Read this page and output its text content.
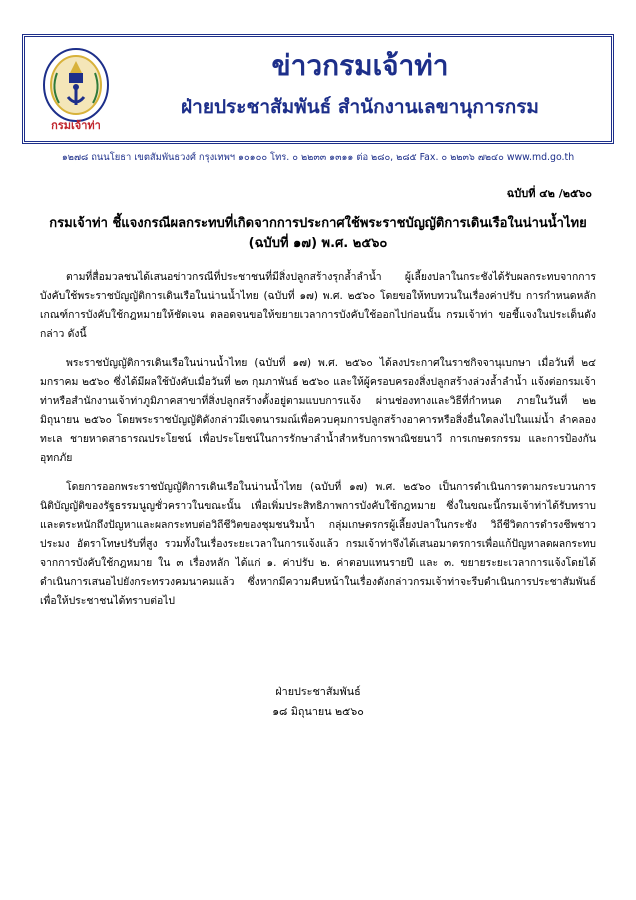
กรมเจ้าท่า
ข่าวกรมเจ้าท่า
ฝ่ายประชาสัมพันธ์ สำนักงานเลขานุการกรม
๑๒๗๘ ถนนโยธา เขตสัมพันธวงศ์ กรุงเทพฯ ๑๐๑๐๐ โทร. ๐ ๒๒๓๓ ๑๓๑๑ ต่อ ๒๘๐, ๒๘๕ Fax. ๐ ๒๒๓๖ ๗๒๔๐ www.md.go.th
ฉบับที่ ๔๒ /๒๕๖๐
กรมเจ้าท่า ชี้แจงกรณีผลกระทบที่เกิดจากการประกาศใช้พระราชบัญญัติการเดินเรือในน่านน้ำไทย
(ฉบับที่ ๑๗) พ.ศ. ๒๕๖๐

ตามที่สื่อมวลชนได้เสนอข่าวกรณีที่ประชาชนที่มีสิ่งปลูกสร้างรุกล้ำลำน้ำ ผู้เลี้ยงปลาในกระชังได้รับผลกระทบจากการบังคับใช้พระราชบัญญัติการเดินเรือในน่านน้ำไทย (ฉบับที่ ๑๗) พ.ศ. ๒๕๖๐ โดยขอให้ทบทวนในเรื่องค่าปรับ การกำหนดหลักเกณฑ์การบังคับใช้กฎหมายให้ชัดเจน ตลอดจนขอให้ขยายเวลาการบังคับใช้ออกไปก่อนนั้น กรมเจ้าท่า ขอชี้แจงในประเด็นดังกล่าว ดังนี้

พระราชบัญญัติการเดินเรือในน่านน้ำไทย (ฉบับที่ ๑๗) พ.ศ. ๒๕๖๐ ได้ลงประกาศในราชกิจจานุเบกษา เมื่อวันที่ ๒๔ มกราคม ๒๕๖๐ ซึ่งได้มีผลใช้บังคับเมื่อวันที่ ๒๓ กุมภาพันธ์ ๒๕๖๐ และให้ผู้ครอบครองสิ่งปลูกสร้างล่วงล้ำลำน้ำ แจ้งต่อกรมเจ้าท่าหรือสำนักงานเจ้าท่าภูมิภาคสาขาที่สิ่งปลูกสร้างตั้งอยู่ตามแบบการแจ้ง ผ่านช่องทางและวิธีที่กำหนด ภายในวันที่ ๒๒ มิถุนายน ๒๕๖๐ โดยพระราชบัญญัติดังกล่าวมีเจตนารมณ์เพื่อควบคุมการปลูกสร้างอาคารหรือสิ่งอื่นใดลงไปในแม่น้ำ ลำคลอง ทะเล ชายหาดสาธารณประโยชน์ เพื่อประโยชน์ในการรักษาลำน้ำสำหรับการพาณิชยนาวี การเกษตรกรรม และการป้องกันอุทกภัย

โดยการออกพระราชบัญญัติการเดินเรือในน่านน้ำไทย (ฉบับที่ ๑๗) พ.ศ. ๒๕๖๐ เป็นการดำเนินการตามกระบวนการนิติบัญญัติของรัฐธรรมนูญชั่วคราวในขณะนั้น เพื่อเพิ่มประสิทธิภาพการบังคับใช้กฎหมาย ซึ่งในขณะนี้กรมเจ้าท่าได้รับทราบและตระหนักถึงปัญหาและผลกระทบต่อวิถีชีวิตของชุมชนริมน้ำ กลุ่มเกษตรกรผู้เลี้ยงปลาในกระชัง วิถีชีวิตการดำรงชีพชาวประมง อัตราโทษปรับที่สูง รวมทั้งในเรื่องระยะเวลาในการแจ้งแล้ว กรมเจ้าท่าจึงได้เสนอมาตรการเพื่อแก้ปัญหาลดผลกระทบจากการบังคับใช้กฎหมาย ใน ๓ เรื่องหลัก ได้แก่ ๑. ค่าปรับ ๒. ค่าตอบแทนรายปี และ ๓. ขยายระยะเวลาการแจ้งโดยได้ดำเนินการเสนอไปยังกระทรวงคมนาคมแล้ว ซึ่งหากมีความคืบหน้าในเรื่องดังกล่าวกรมเจ้าท่าจะรีบดำเนินการประชาสัมพันธ์เพื่อให้ประชาชนได้ทราบต่อไป

ฝ่ายประชาสัมพันธ์
๑๘ มิถุนายน ๒๕๖๐
